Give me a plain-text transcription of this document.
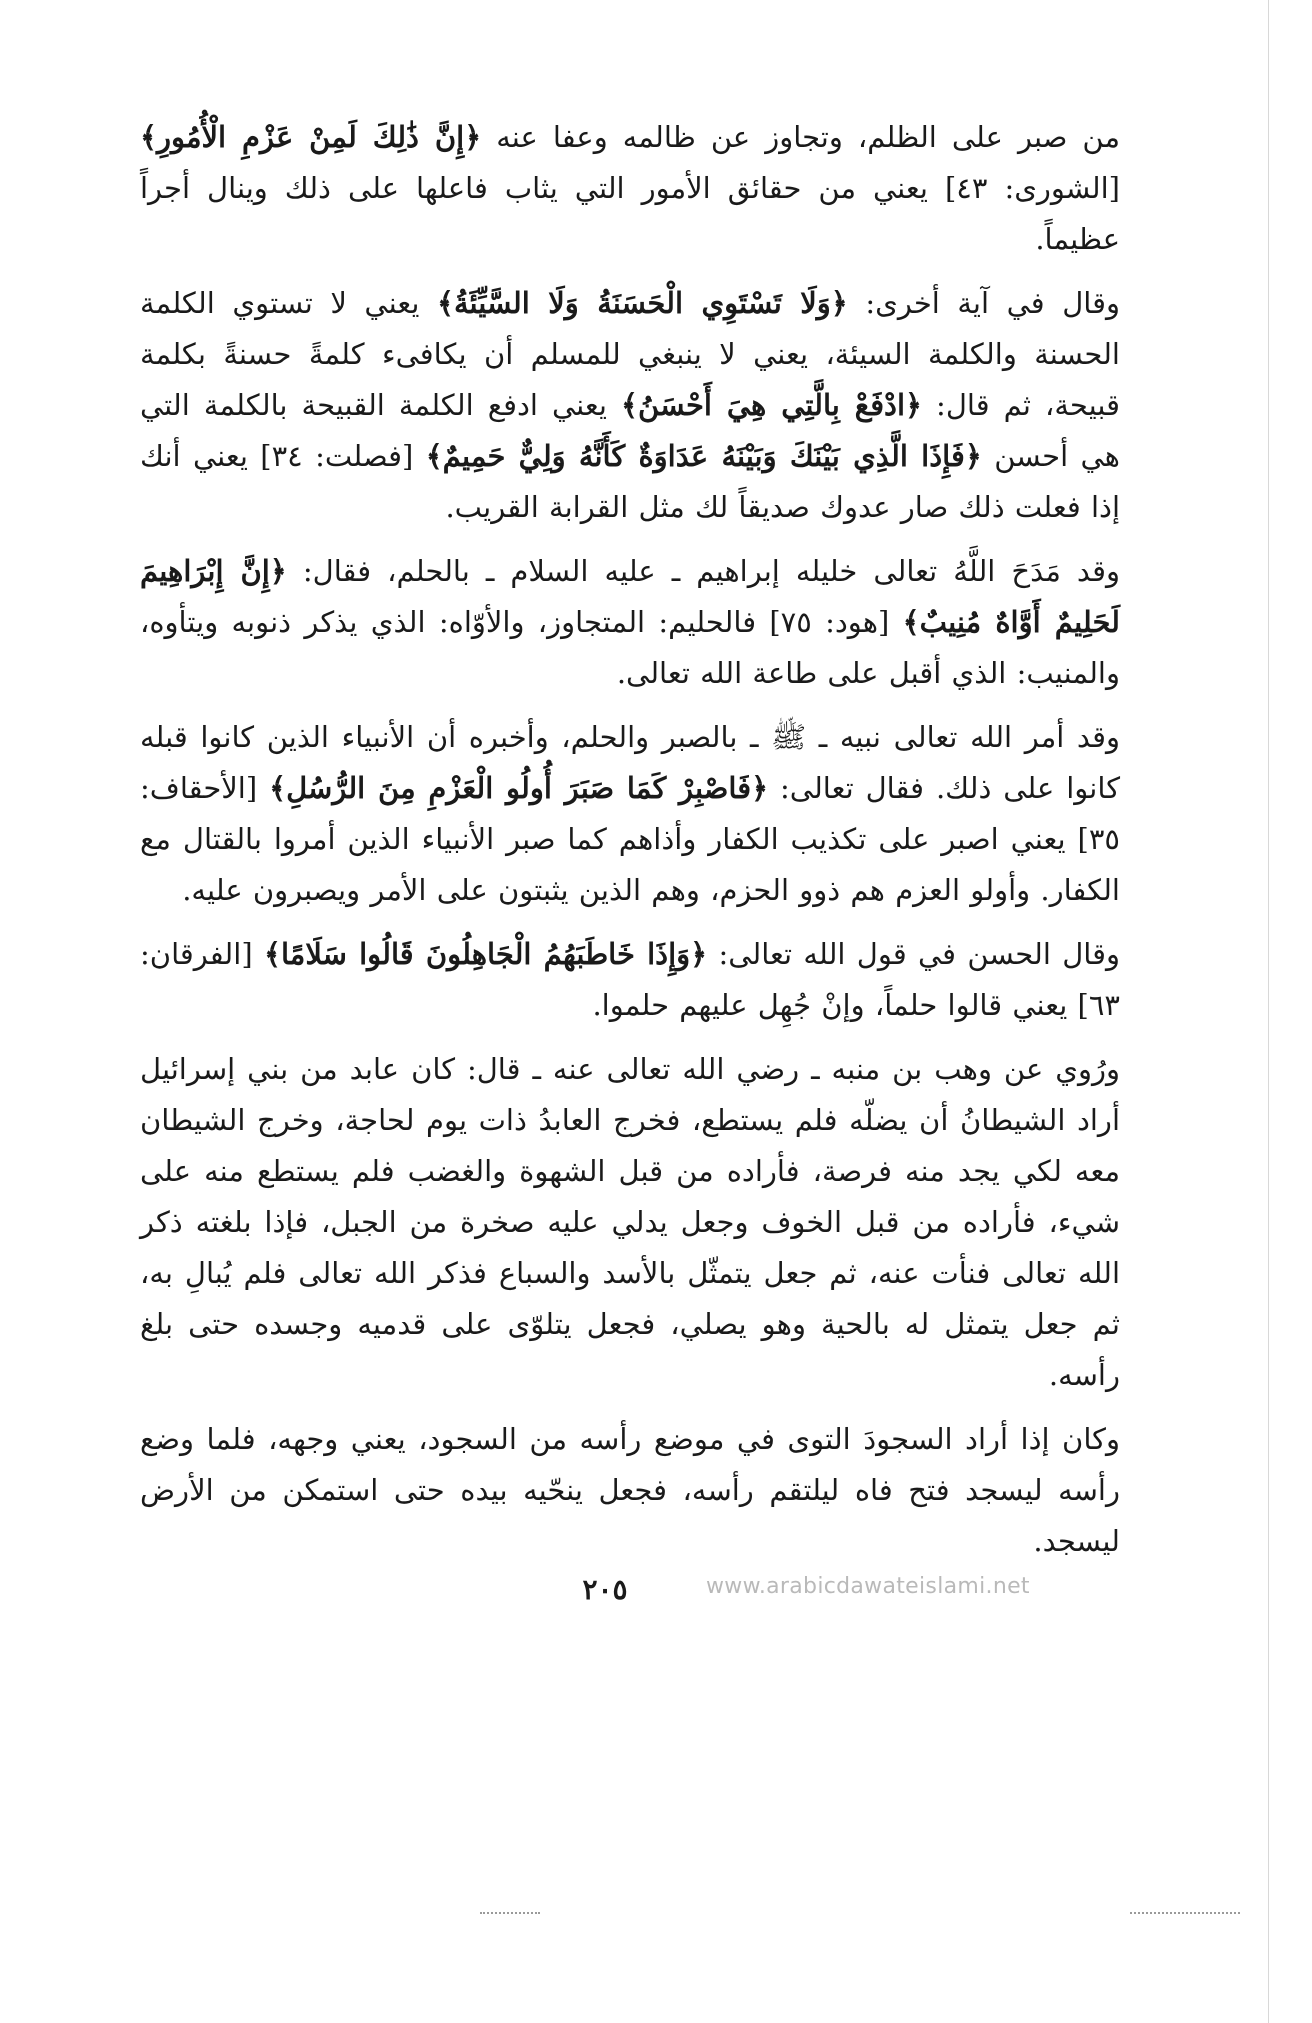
من صبر على الظلم، وتجاوز عن ظالمه وعفا عنه ﴿إِنَّ ذَٰلِكَ لَمِنْ عَزْمِ الْأُمُورِ﴾ [الشورى: ٤٣] يعني من حقائق الأمور التي يثاب فاعلها على ذلك وينال أجراً عظيماً.

وقال في آية أخرى: ﴿وَلَا تَسْتَوِي الْحَسَنَةُ وَلَا السَّيِّئَةُ﴾ يعني لا تستوي الكلمة الحسنة والكلمة السيئة، يعني لا ينبغي للمسلم أن يكافىء كلمةً حسنةً بكلمة قبيحة، ثم قال: ﴿ادْفَعْ بِالَّتِي هِيَ أَحْسَنُ﴾ يعني ادفع الكلمة القبيحة بالكلمة التي هي أحسن ﴿فَإِذَا الَّذِي بَيْنَكَ وَبَيْنَهُ عَدَاوَةٌ كَأَنَّهُ وَلِيٌّ حَمِيمٌ﴾ [فصلت: ٣٤] يعني أنك إذا فعلت ذلك صار عدوك صديقاً لك مثل القرابة القريب.

وقد مَدَحَ اللَّهُ تعالى خليله إبراهيم ـ عليه السلام ـ بالحلم، فقال: ﴿إِنَّ إِبْرَاهِيمَ لَحَلِيمٌ أَوَّاهٌ مُنِيبٌ﴾ [هود: ٧٥] فالحليم: المتجاوز، والأوّاه: الذي يذكر ذنوبه ويتأوه، والمنيب: الذي أقبل على طاعة الله تعالى.

وقد أمر الله تعالى نبيه ـ ﷺ ـ بالصبر والحلم، وأخبره أن الأنبياء الذين كانوا قبله كانوا على ذلك. فقال تعالى: ﴿فَاصْبِرْ كَمَا صَبَرَ أُولُو الْعَزْمِ مِنَ الرُّسُلِ﴾ [الأحقاف: ٣٥] يعني اصبر على تكذيب الكفار وأذاهم كما صبر الأنبياء الذين أمروا بالقتال مع الكفار. وأولو العزم هم ذوو الحزم، وهم الذين يثبتون على الأمر ويصبرون عليه.

وقال الحسن في قول الله تعالى: ﴿وَإِذَا خَاطَبَهُمُ الْجَاهِلُونَ قَالُوا سَلَامًا﴾ [الفرقان: ٦٣] يعني قالوا حلماً، وإنْ جُهِل عليهم حلموا.

ورُوي عن وهب بن منبه ـ رضي الله تعالى عنه ـ قال: كان عابد من بني إسرائيل أراد الشيطانُ أن يضلّه فلم يستطع، فخرج العابدُ ذات يوم لحاجة، وخرج الشيطان معه لكي يجد منه فرصة، فأراده من قبل الشهوة والغضب فلم يستطع منه على شيء، فأراده من قبل الخوف وجعل يدلي عليه صخرة من الجبل، فإذا بلغته ذكر الله تعالى فنأت عنه، ثم جعل يتمثّل بالأسد والسباع فذكر الله تعالى فلم يُبالِ به، ثم جعل يتمثل له بالحية وهو يصلي، فجعل يتلوّى على قدميه وجسده حتى بلغ رأسه.

وكان إذا أراد السجودَ التوى في موضع رأسه من السجود، يعني وجهه، فلما وضع رأسه ليسجد فتح فاه ليلتقم رأسه، فجعل ينحّيه بيده حتى استمكن من الأرض ليسجد.

٢٠٥	www.arabicdawateislami.net
